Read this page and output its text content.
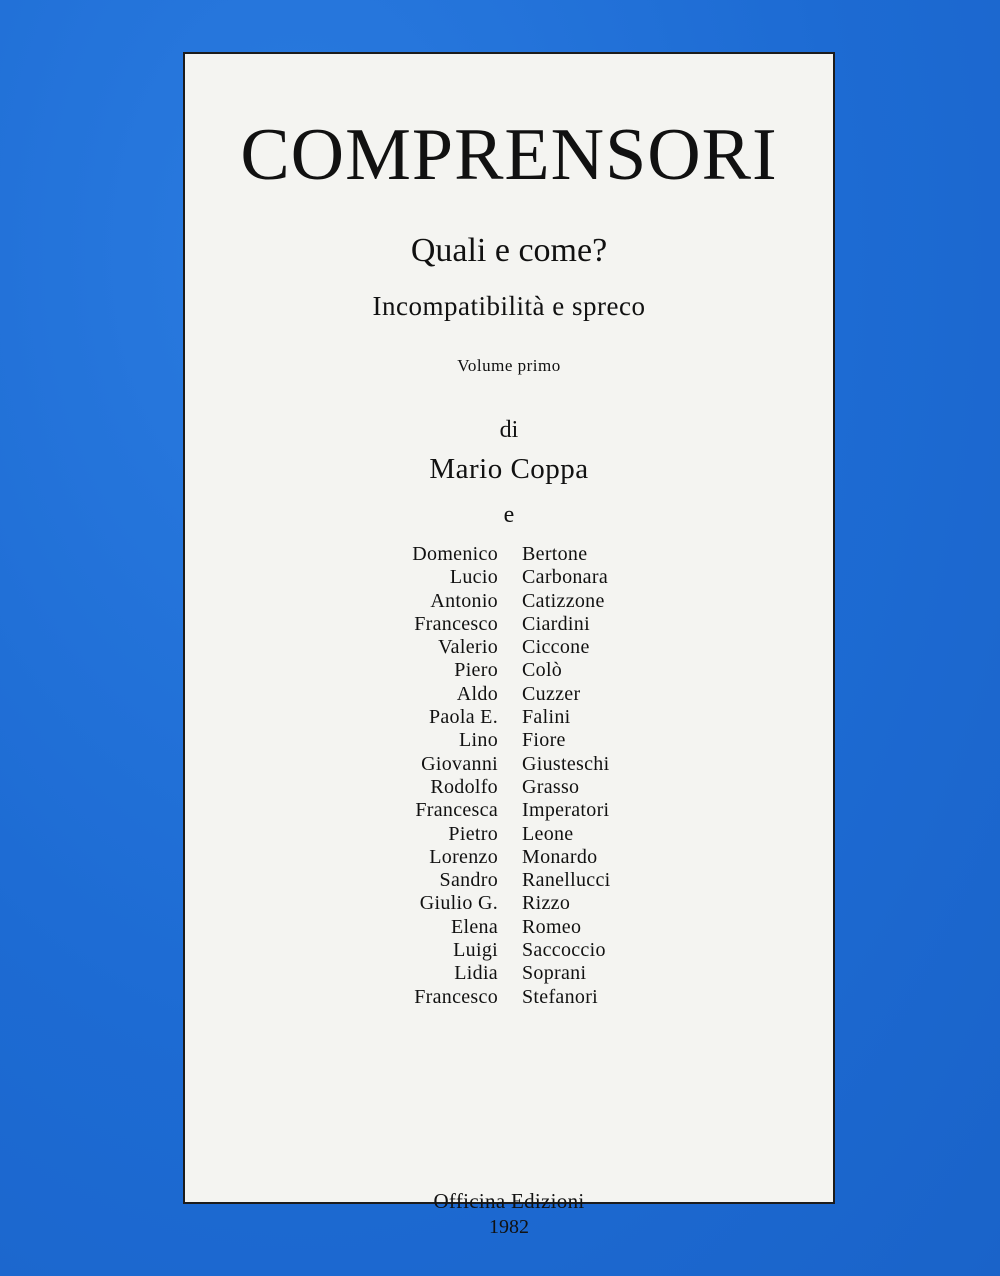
COMPRENSORI
Quali e come?
Incompatibilità e spreco
Volume primo
di
Mario Coppa
e
Domenico Bertone
Lucio Carbonara
Antonio Catizzone
Francesco Ciardini
Valerio Ciccone
Piero Colò
Aldo Cuzzer
Paola E. Falini
Lino Fiore
Giovanni Giusteschi
Rodolfo Grasso
Francesca Imperatori
Pietro Leone
Lorenzo Monardo
Sandro Ranellucci
Giulio G. Rizzo
Elena Romeo
Luigi Saccoccio
Lidia Soprani
Francesco Stefanori
Officina Edizioni
1982
